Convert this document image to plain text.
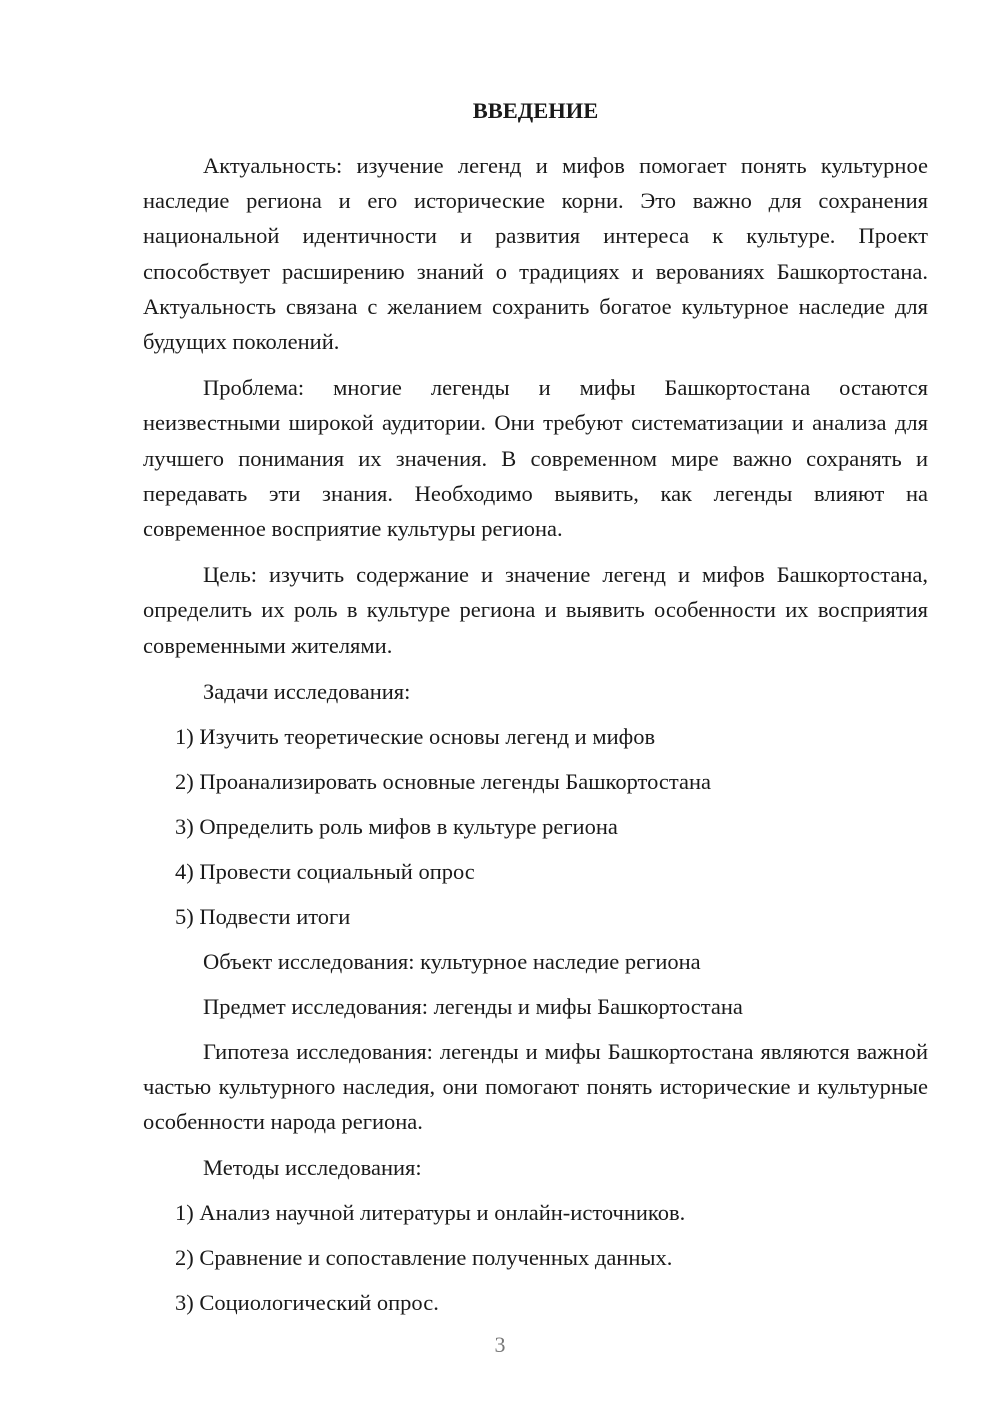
ВВЕДЕНИЕ

Актуальность: изучение легенд и мифов помогает понять культурное наследие региона и его исторические корни. Это важно для сохранения национальной идентичности и развития интереса к культуре. Проект способствует расширению знаний о традициях и верованиях Башкортостана. Актуальность связана с желанием сохранить богатое культурное наследие для будущих поколений.

Проблема: многие легенды и мифы Башкортостана остаются неизвестными широкой аудитории. Они требуют систематизации и анализа для лучшего понимания их значения. В современном мире важно сохранять и передавать эти знания. Необходимо выявить, как легенды влияют на современное восприятие культуры региона.

Цель: изучить содержание и значение легенд и мифов Башкортостана, определить их роль в культуре региона и выявить особенности их восприятия современными жителями.

Задачи исследования:

1) Изучить теоретические основы легенд и мифов
2) Проанализировать основные легенды Башкортостана
3) Определить роль мифов в культуре региона
4) Провести социальный опрос
5) Подвести итоги

Объект исследования: культурное наследие региона

Предмет исследования: легенды и мифы Башкортостана

Гипотеза исследования: легенды и мифы Башкортостана являются важной частью культурного наследия, они помогают понять исторические и культурные особенности народа региона.

Методы исследования:

1) Анализ научной литературы и онлайн-источников.
2) Сравнение и сопоставление полученных данных.
3) Социологический опрос.
3
